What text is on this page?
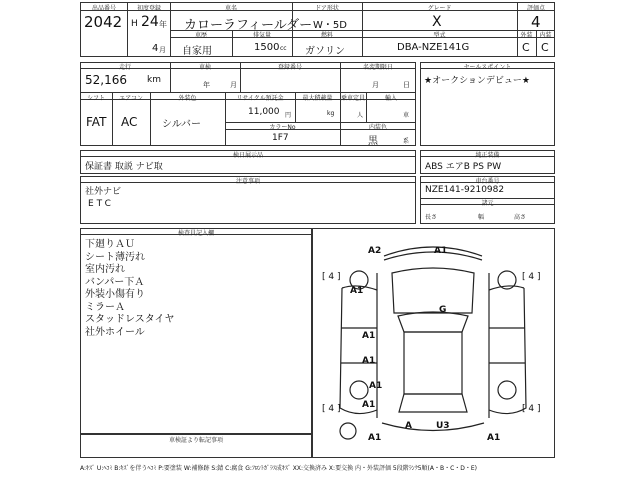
出品番号
2042
初度登録
H 24 年
4 月
車名
カローラフィールダー
ドア形状
W・5D
グレード
X
評価点
4
車歴
自家用
排気量
1500 cc
燃料
ガソリン
型式
DBA-NZE141G
外装	内装
C C
走行
52,166 km
車検
年	月
登録番号	名変期限日
月	日
シフト
FAT
エアコン
AC
外装色
シルバー
リサイクル預託金
11,000 円
最大積載量
kg
乗車定員
人
輸入
車
カラーNo
1F7
内装色
黒	系
セールスポイント
★オークションデビュー★
検日展示品
保証書 取説 ナビ取
純正装備
ABS エアB PS PW
注意事項
社外ナビ
ETC
車台番号
NZE141-9210982
諸元
長さ	幅	高さ
検査員記入欄
下廻りＡＵ
シート薄汚れ
室内汚れ
バンパー下Ａ
外装小傷有り
ミラーＡ
スタッドレスタイヤ
社外ホイール
車検証より転記事項
A2	A1
G
A1
A1
A1
A1
A1
A1
A	U3
A1
[ 4 ]	[ 4 ]
[ 4 ]	[ 4 ]
A:ｷｽﾞ U:ﾍｺﾐ B:ｷｽﾞを伴うﾍｺﾐ P:要塗装 W:補修跡 S:錆 C:腐食 G:ﾌﾛﾝﾄｶﾞﾗｽ成ｷｽﾞ XX:交換済み X:要交換 内・外装評価 5段階ﾗﾝｸ5順(A・B・C・D・E)
